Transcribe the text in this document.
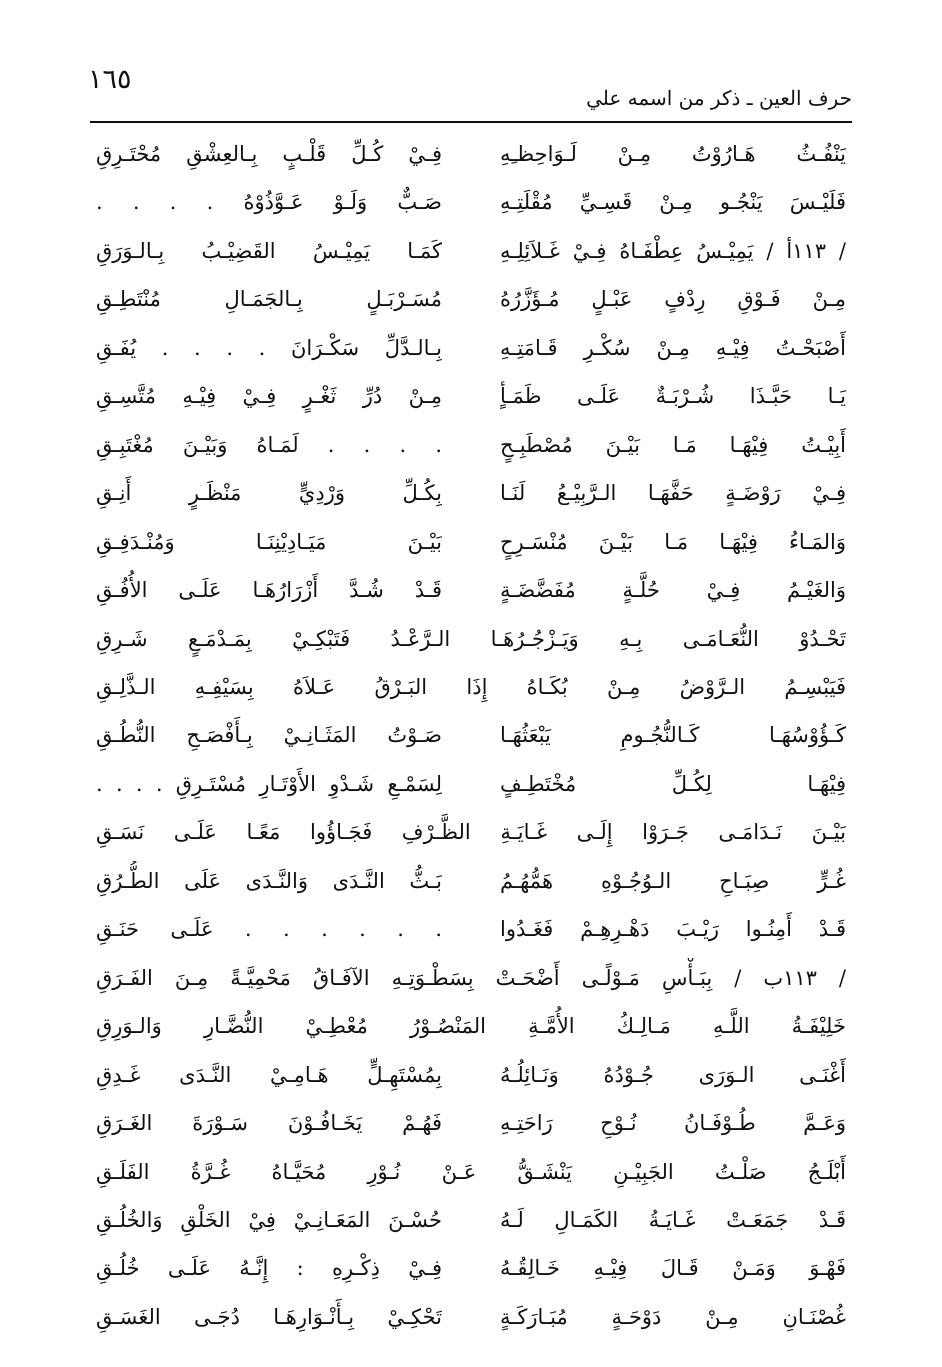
١٦٥
حرف العين ـ ذكر من اسمه علي
يَنْفُـثُ هَـارُوْتُ مِـنْ لَـوَاحِظـِهِ
فِـيْ كُـلِّ قَلْـبٍ بِـالعِشْقِ مُحْتَـرِقِ
فَلَيْـسَ يَنْجُـو مِـنْ قَسِـيِّ مُقْلَتِـهِ
صَـبٌّ وَلَـوْ عَـوَّذُوْهُ . . . .
/ ١١٣أ / يَمِيْـسُ عِطْفَـاهُ فِـيْ غَـلاَئِلِـهِ
كَمَـا يَمِيْـسُ القَضِيْـبُ بِـالـوَرَقِ
مِـنْ فَـوْقِ رِدْفٍ عَبْـلٍ مُـؤَزَّرُهُ
مُسَـرْبَـلٍ بِـالجَمَـالِ مُنْتَطِـقِ
أَصْبَحْـتُ فِيْـهِ مِـنْ سُكْـرِ قَـامَتِـهِ
بِـالـدَّلِّ سَكْـرَانَ . . . . يُفَـقِ
يَـا حَبَّـذَا شُـرْبَـةٌ عَلَـى ظَمَـأٍ
مِـنْ دُرِّ ثَغْـرٍ فِـيْ فِيْـهِ مُتَّسِـقِ
أَبِيْـتُ فِيْهَـا مَـا بَيْـنَ مُصْطَبِـحٍ
. . . . لَمَـاهُ وَبَيْـنَ مُغْتَبِـقِ
فِـيْ رَوْضَـةٍ حَفَّهَـا الـرَّبِيْـعُ لَنَـا
بِكُـلِّ وَرْدِيٍّ مَنْظَـرٍ أَنِـقِ
وَالمَـاءُ فِيْهَـا مَـا بَيْـنَ مُنْسَـرِحٍ
بَيْـنَ مَيَـادِيْنِنَـا وَمُنْـدَفِـقِ
وَالغَيْـمُ فِـيْ حُلَّـةٍ مُفَضَّضَـةٍ
قَـدْ شُـدَّ أَزْرَارُهَـا عَلَـى الأُفُـقِ
تَحْـدُوْ النُّعَـامَـى بِـهِ وَيَـزْجُـرُهَـا الـرَّعْـدُ فَتَبْكِـيْ بِمَـدْمَـعٍ شَـرِقِ
فَيَبْسِـمُ الـرَّوْضُ مِـنْ بُكَـاهُ إِذَا البَـرْقُ عَـلاَهُ بِسَيْفِـهِ الـذَّلِـقِ
كَـؤُوْسُهَـا كَـالنُّجُـومِ يَبْعَثُهَـا
صَـوْتُ المَثَـانِـيْ بِـأَفْصَـحِ النُّطُـقِ
فِيْهَـا لِكُـلِّ مُخْتَطِـفٍ
لِسَمْـعِ شَـدْوِ الأَوْتَـارِ مُسْتَـرِقِ . . . .
بَيْـنَ نَـدَامَـى جَـرَوْا إِلَـى غَـايَـةِ الظَّـرْفِ فَجَـاؤُوا مَعًـا عَلَـى نَسَـقِ
غُـرٍّ صِبَـاحِ الـوُجُـوْهِ هَمُّهُـمُ
بَـثُّ النَّـدَى وَالنَّـدَى عَلَى الطُّـرُقِ
قَـدْ أَمِنُـوا رَيْـبَ دَهْـرِهِـمْ فَغَـدُوا
. . . . . . عَلَـى حَنَـقِ
/ ١١٣ب / بِبَـأْسِ مَـوْلًـى أَضْحَـتْ بِسَطْـوَتِـهِ الآفَـاقُ مَحْمِيَّـةً مِـنَ الفَـرَقِ
خَلِيْفَـةُ اللَّـهِ مَـالِـكُ الأُمَّـةِ المَنْصُـوْرُ مُعْطِـيْ النُّضَّـارِ وَالـوَرِقِ
أَغْنَـى الـوَرَى جُـوْدُهُ وَنَـائِلُـهُ
بِمُسْتَهِـلٍّ هَـامِـيْ النَّـدَى غَـدِقِ
وَعَـمَّ طُـوْفَـانُ نُـوْحِ رَاحَتِـهِ
فَهُـمْ يَخَـافُـوْنَ سَـوْرَةَ الغَـرَقِ
أَبْلَـجُ صَلْـتُ الجَبِيْـنِ يَنْشَـقُّ عَـنْ نُـوْرِ مُحَيَّـاهُ غُـرَّةُ الفَلَـقِ
قَـدْ جَمَعَـتْ غَـايَـةُ الكَمَـالِ لَـهُ
حُسْـنَ المَعَـانِـيْ فِيْ الخَلْقِ وَالخُلُـقِ
فَهْـوَ وَمَـنْ قَـالَ فِيْـهِ خَـالِقُـهُ
فِـيْ ذِكْـرِهِ : إِنَّـهُ عَلَـى خُلُـقِ
غُصْنَـانِ مِـنْ دَوْحَـةٍ مُبَـارَكَـةٍ
تَحْكِـيْ بِـأَنْـوَارِهَـا دُجَـى الغَسَـقِ
